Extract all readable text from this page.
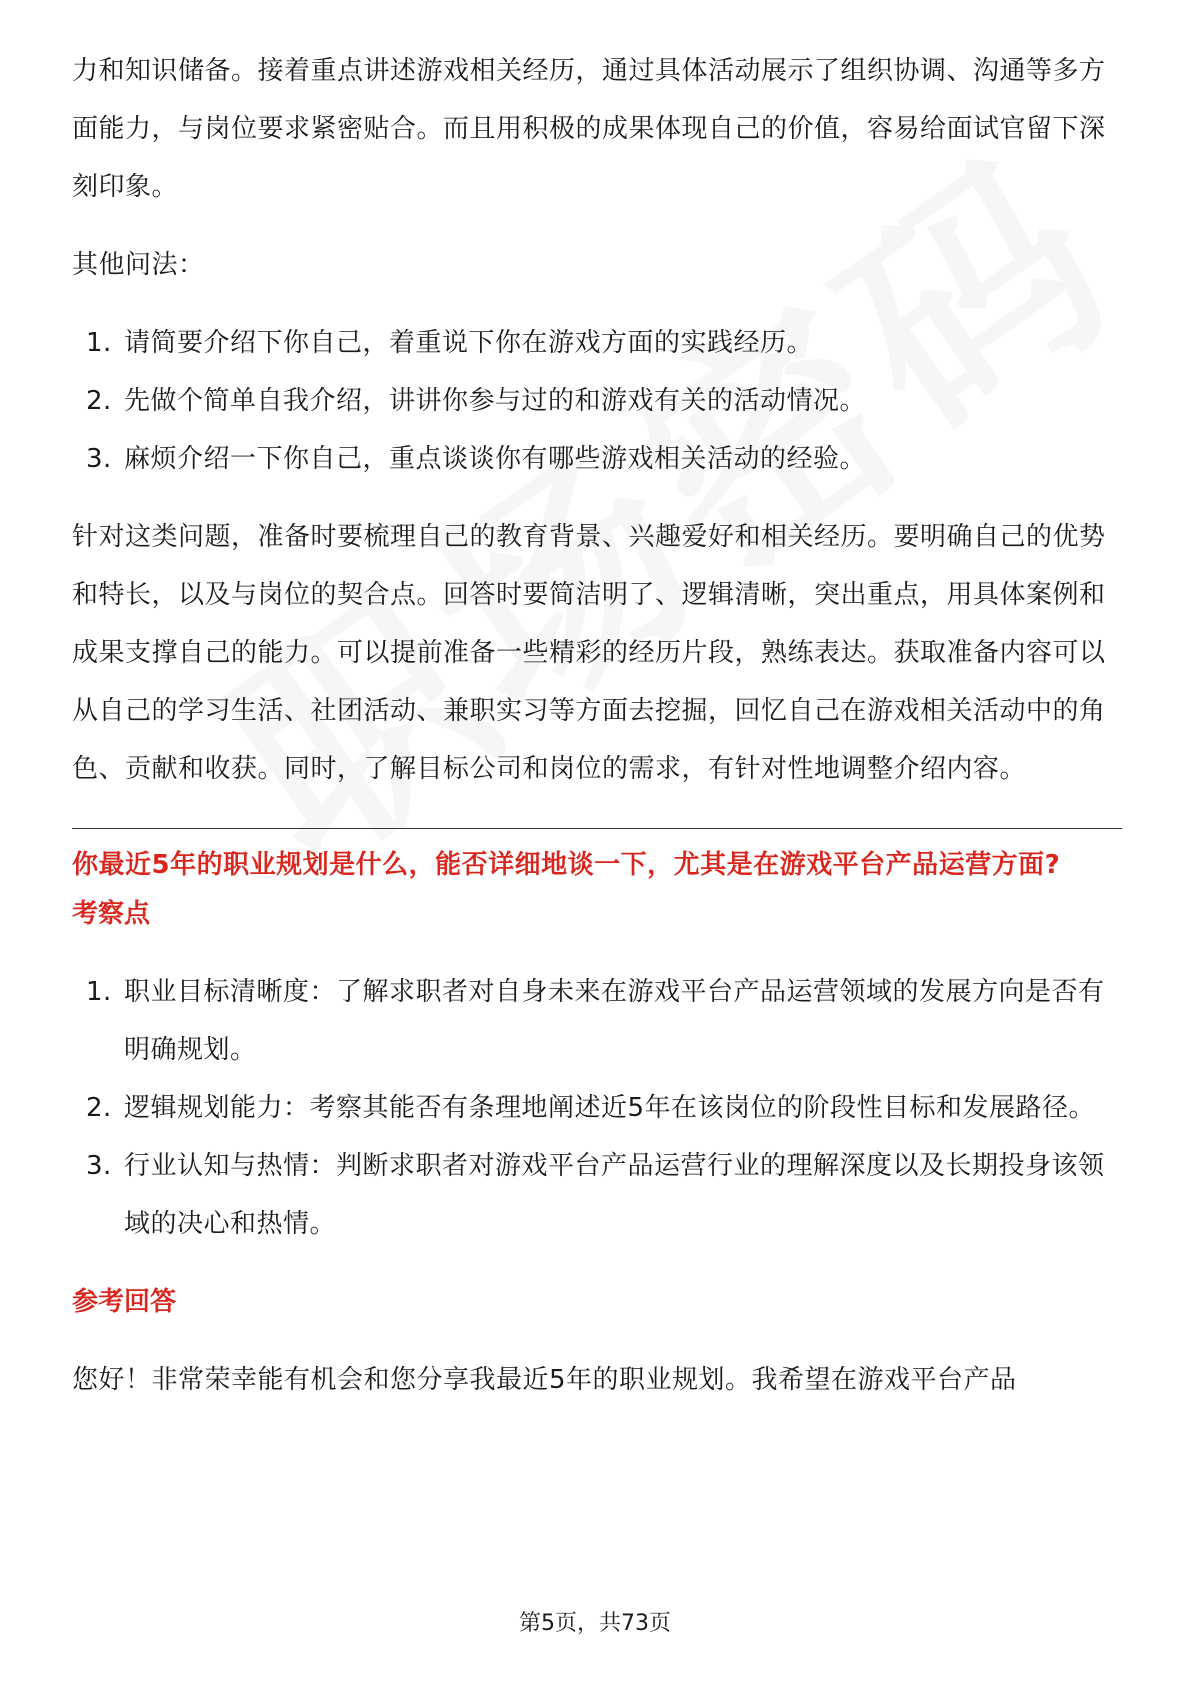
力和知识储备。接着重点讲述游戏相关经历，通过具体活动展示了组织协调、沟通等多方面能力，与岗位要求紧密贴合。而且用积极的成果体现自己的价值，容易给面试官留下深刻印象。

其他问法：

1. 请简要介绍下你自己，着重说下你在游戏方面的实践经历。
2. 先做个简单自我介绍，讲讲你参与过的和游戏有关的活动情况。
3. 麻烦介绍一下你自己，重点谈谈你有哪些游戏相关活动的经验。

针对这类问题，准备时要梳理自己的教育背景、兴趣爱好和相关经历。要明确自己的优势和特长，以及与岗位的契合点。回答时要简洁明了、逻辑清晰，突出重点，用具体案例和成果支撑自己的能力。可以提前准备一些精彩的经历片段，熟练表达。获取准备内容可以从自己的学习生活、社团活动、兼职实习等方面去挖掘，回忆自己在游戏相关活动中的角色、贡献和收获。同时，了解目标公司和岗位的需求，有针对性地调整介绍内容。

你最近5年的职业规划是什么，能否详细地谈一下，尤其是在游戏平台产品运营方面?

考察点

1. 职业目标清晰度：了解求职者对自身未来在游戏平台产品运营领域的发展方向是否有明确规划。
2. 逻辑规划能力：考察其能否有条理地阐述近5年在该岗位的阶段性目标和发展路径。
3. 行业认知与热情：判断求职者对游戏平台产品运营行业的理解深度以及长期投身该领域的决心和热情。

参考回答

您好！非常荣幸能有机会和您分享我最近5年的职业规划。我希望在游戏平台产品

第5页，共73页
